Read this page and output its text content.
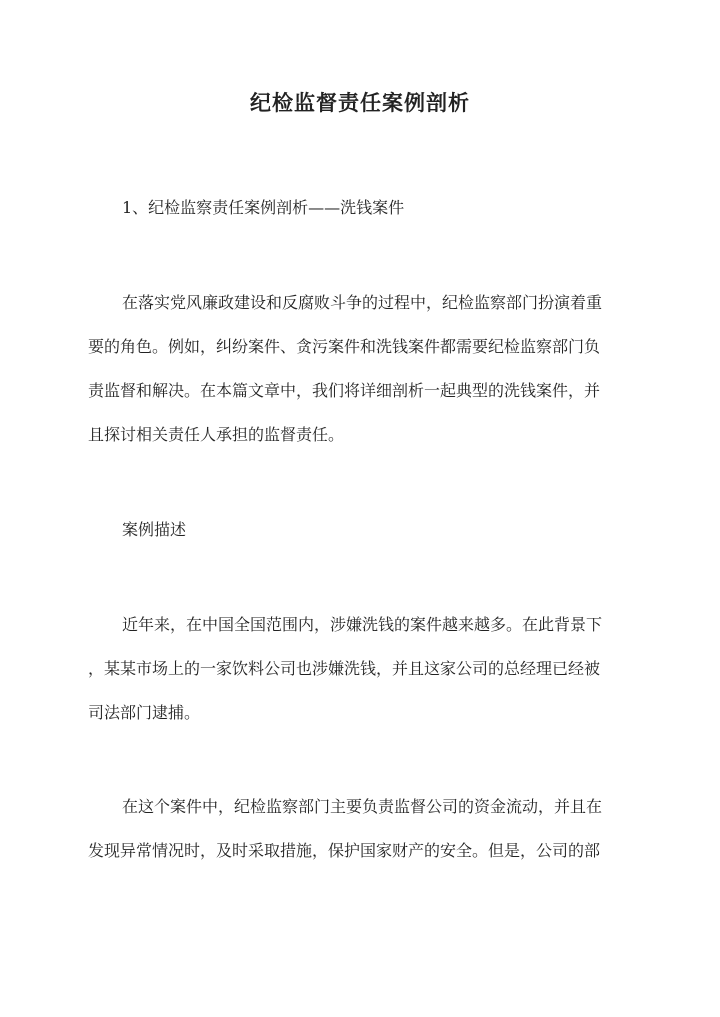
纪检监督责任案例剖析

1、纪检监察责任案例剖析——洗钱案件

在落实党风廉政建设和反腐败斗争的过程中，纪检监察部门扮演着重

要的角色。例如，纠纷案件、贪污案件和洗钱案件都需要纪检监察部门负

责监督和解决。在本篇文章中，我们将详细剖析一起典型的洗钱案件，并

且探讨相关责任人承担的监督责任。

案例描述

近年来，在中国全国范围内，涉嫌洗钱的案件越来越多。在此背景下

，某某市场上的一家饮料公司也涉嫌洗钱，并且这家公司的总经理已经被

司法部门逮捕。

在这个案件中，纪检监察部门主要负责监督公司的资金流动，并且在

发现异常情况时，及时采取措施，保护国家财产的安全。但是，公司的部
